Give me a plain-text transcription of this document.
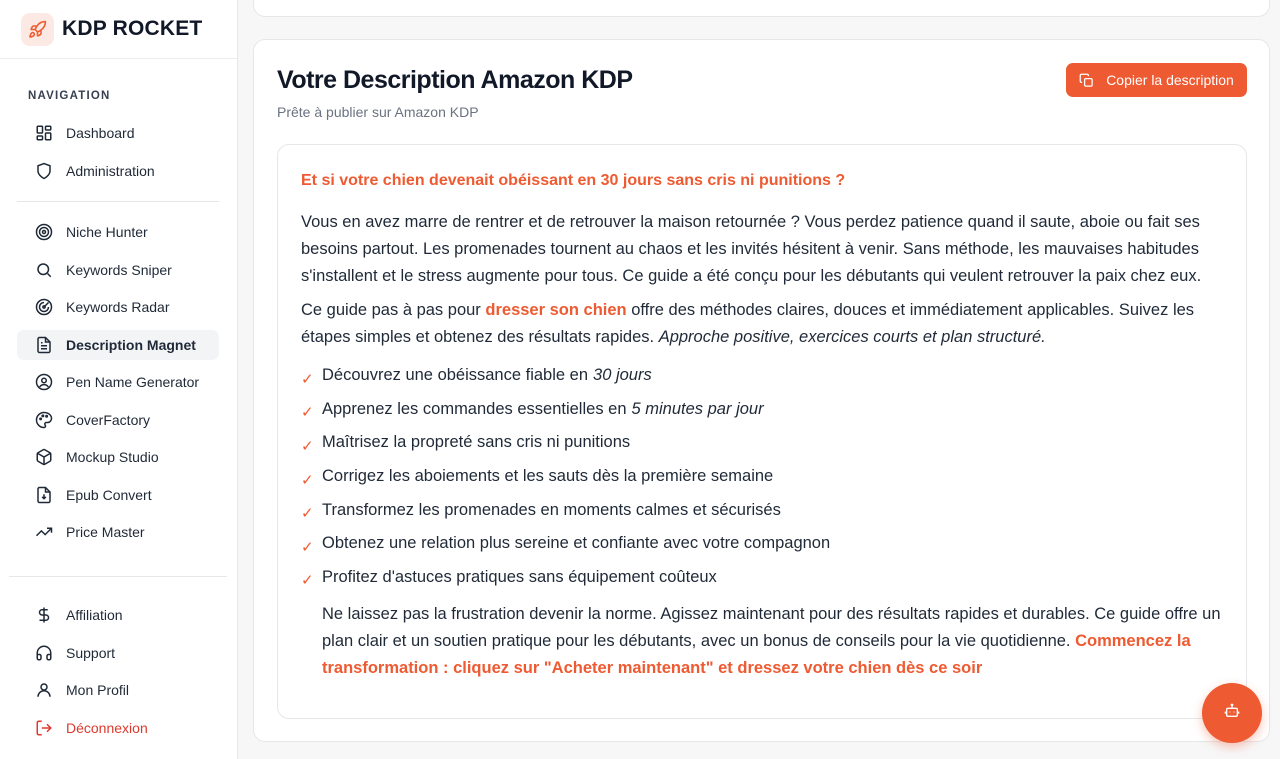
KDP ROCKET
NAVIGATION
Dashboard
Administration
Niche Hunter
Keywords Sniper
Keywords Radar
Description Magnet
Pen Name Generator
CoverFactory
Mockup Studio
Epub Convert
Price Master
Affiliation
Support
Mon Profil
Déconnexion
Votre Description Amazon KDP
Prête à publier sur Amazon KDP
Copier la description
Et si votre chien devenait obéissant en 30 jours sans cris ni punitions ?

Vous en avez marre de rentrer et de retrouver la maison retournée ? Vous perdez patience quand il saute, aboie ou fait ses besoins partout. Les promenades tournent au chaos et les invités hésitent à venir. Sans méthode, les mauvaises habitudes s'installent et le stress augmente pour tous. Ce guide a été conçu pour les débutants qui veulent retrouver la paix chez eux.

Ce guide pas à pas pour dresser son chien offre des méthodes claires, douces et immédiatement applicables. Suivez les étapes simples et obtenez des résultats rapides. Approche positive, exercices courts et plan structuré.

✓ Découvrez une obéissance fiable en 30 jours
✓ Apprenez les commandes essentielles en 5 minutes par jour
✓ Maîtrisez la propreté sans cris ni punitions
✓ Corrigez les aboiements et les sauts dès la première semaine
✓ Transformez les promenades en moments calmes et sécurisés
✓ Obtenez une relation plus sereine et confiante avec votre compagnon
✓ Profitez d'astuces pratiques sans équipement coûteux

Ne laissez pas la frustration devenir la norme. Agissez maintenant pour des résultats rapides et durables. Ce guide offre un plan clair et un soutien pratique pour les débutants, avec un bonus de conseils pour la vie quotidienne. Commencez la transformation : cliquez sur "Acheter maintenant" et dressez votre chien dès ce soir
